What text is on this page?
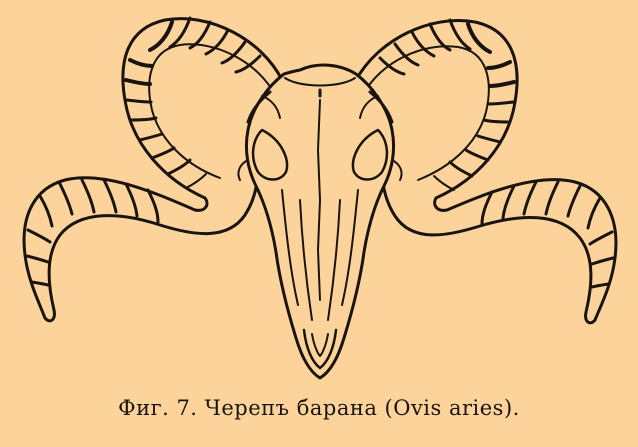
Фиг. 7. Черепъ барана (Ovis aries).
